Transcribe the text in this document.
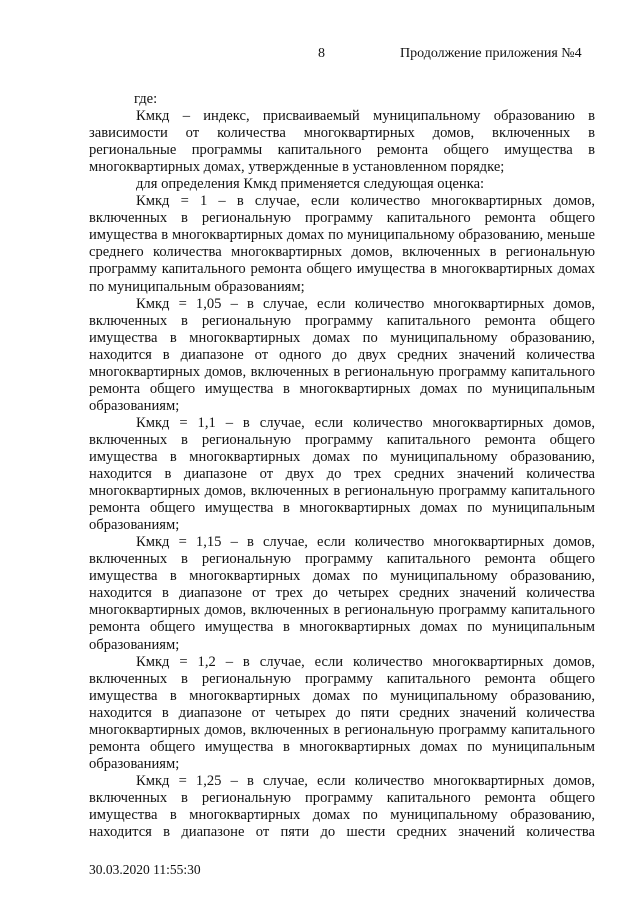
8	Продолжение приложения №4

где:

Кмкд – индекс, присваиваемый муниципальному образованию в зависимости от количества многоквартирных домов, включенных в региональные программы капитального ремонта общего имущества в многоквартирных домах, утвержденные в установленном порядке;

для определения Кмкд применяется следующая оценка:

Кмкд = 1 – в случае, если количество многоквартирных домов, включенных в региональную программу капитального ремонта общего имущества в многоквартирных домах по муниципальному образованию, меньше среднего количества многоквартирных домов, включенных в региональную программу капитального ремонта общего имущества в многоквартирных домах по муниципальным образованиям;

Кмкд = 1,05 – в случае, если количество многоквартирных домов, включенных в региональную программу капитального ремонта общего имущества в многоквартирных домах по муниципальному образованию, находится в диапазоне от одного до двух средних значений количества многоквартирных домов, включенных в региональную программу капитального ремонта общего имущества в многоквартирных домах по муниципальным образованиям;

Кмкд = 1,1 – в случае, если количество многоквартирных домов, включенных в региональную программу капитального ремонта общего имущества в многоквартирных домах по муниципальному образованию, находится в диапазоне от двух до трех средних значений количества многоквартирных домов, включенных в региональную программу капитального ремонта общего имущества в многоквартирных домах по муниципальным образованиям;

Кмкд = 1,15 – в случае, если количество многоквартирных домов, включенных в региональную программу капитального ремонта общего имущества в многоквартирных домах по муниципальному образованию, находится в диапазоне от трех до четырех средних значений количества многоквартирных домов, включенных в региональную программу капитального ремонта общего имущества в многоквартирных домах по муниципальным образованиям;

Кмкд = 1,2 – в случае, если количество многоквартирных домов, включенных в региональную программу капитального ремонта общего имущества в многоквартирных домах по муниципальному образованию, находится в диапазоне от четырех до пяти средних значений количества многоквартирных домов, включенных в региональную программу капитального ремонта общего имущества в многоквартирных домах по муниципальным образованиям;

Кмкд = 1,25 – в случае, если количество многоквартирных домов, включенных в региональную программу капитального ремонта общего имущества в многоквартирных домах по муниципальному образованию, находится в диапазоне от пяти до шести средних значений количества

30.03.2020 11:55:30
